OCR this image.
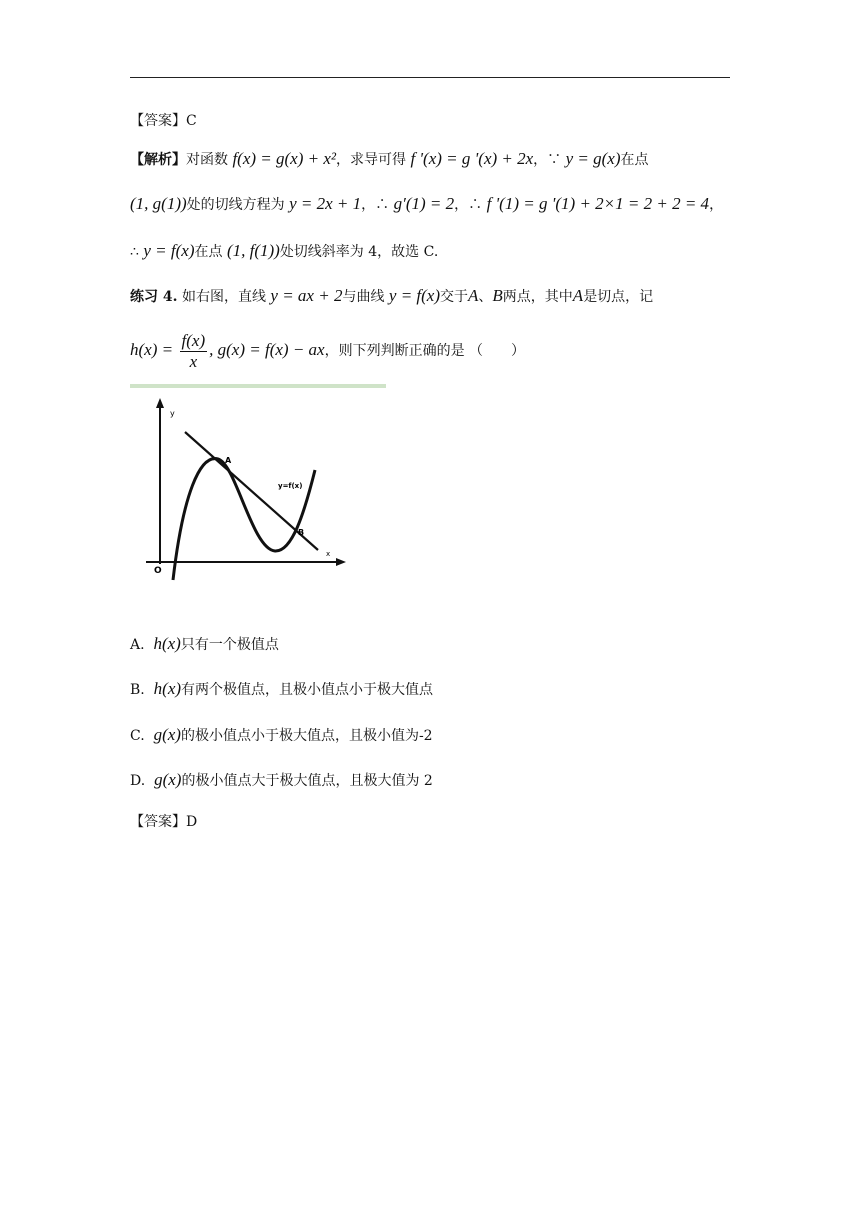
【答案】C
【解析】对函数 f(x) = g(x) + x²，求导可得 f '(x) = g '(x) + 2x，∵ y = g(x)在点
(1, g(1))处的切线方程为 y = 2x + 1，∴ g′(1) = 2，∴ f '(1) = g '(1) + 2×1 = 2 + 2 = 4，
∴ y = f(x)在点 (1, f(1))处切线斜率为 4，故选 C.
练习 4. 如右图，直线 y = ax + 2与曲线 y = f(x)交于A、B两点，其中A是切点，记
$h(x) = \frac{f(x)}{x}$ , g(x) = f(x) − ax，则下列判断正确的是 （　　）
y
x
O
A
B
y=f(x)
A. h(x)只有一个极值点
B. h(x)有两个极值点，且极小值点小于极大值点
C. g(x)的极小值点小于极大值点，且极小值为-2
D. g(x)的极小值点大于极大值点，且极大值为 2
【答案】D
